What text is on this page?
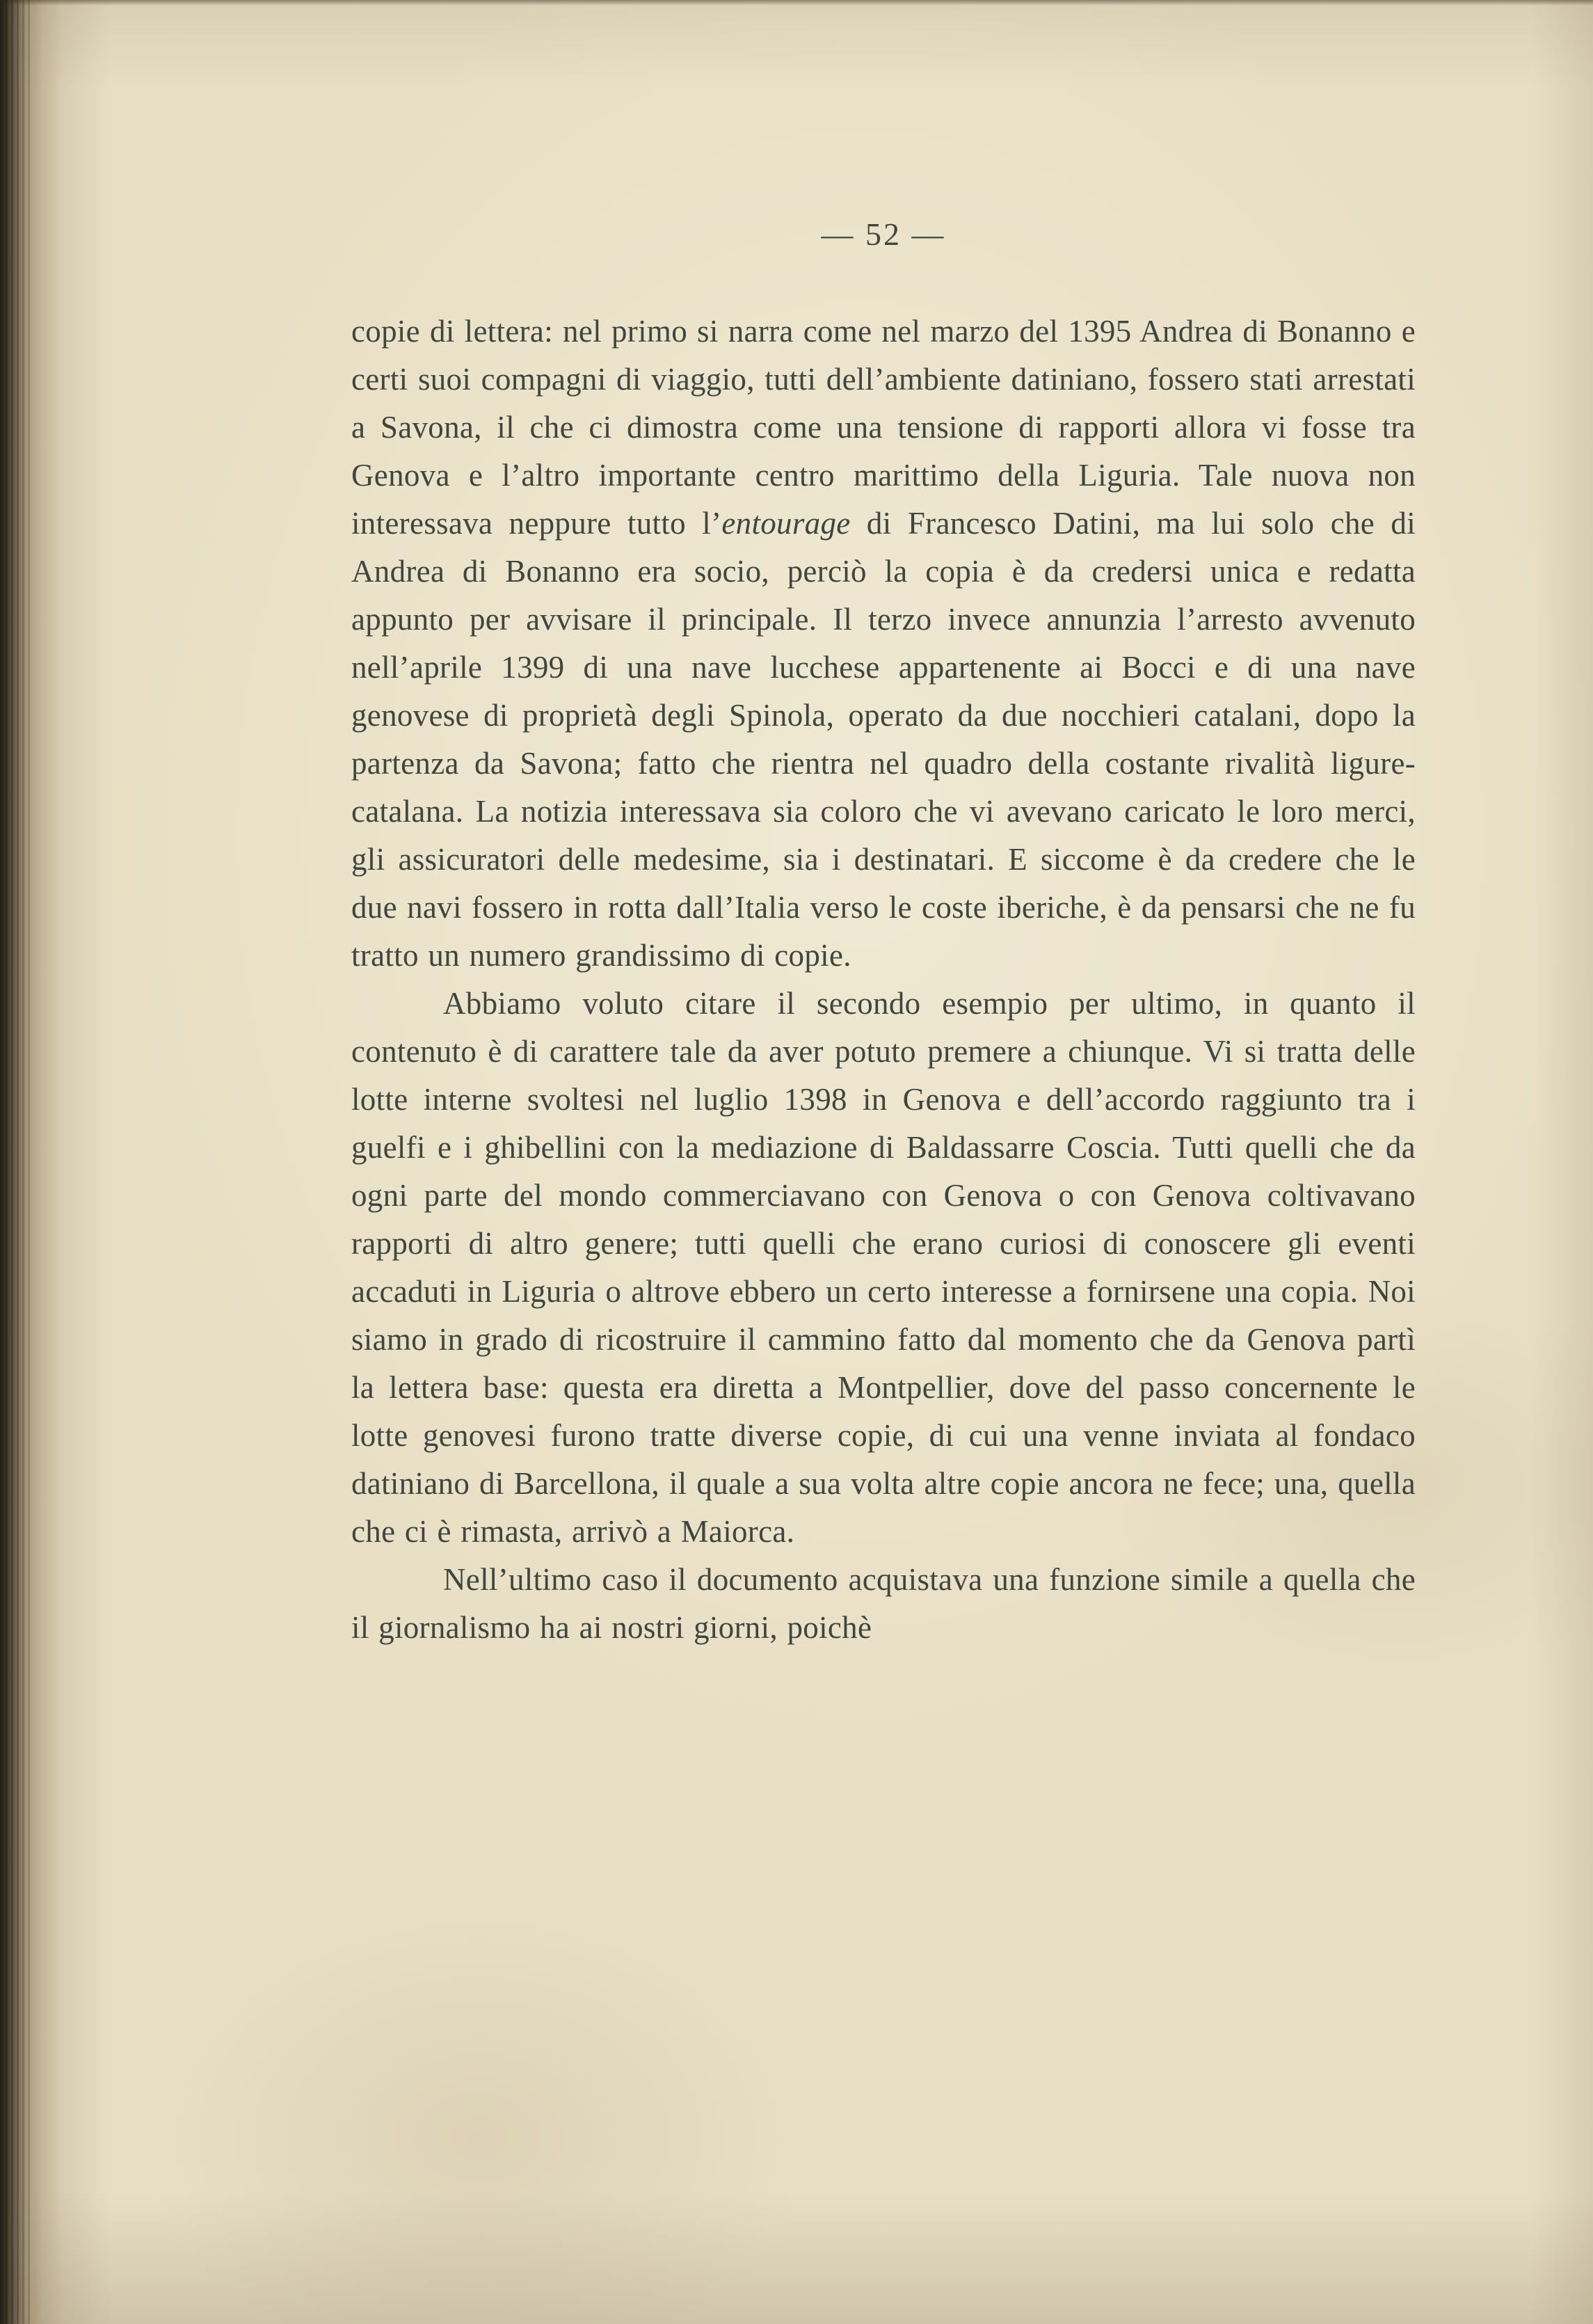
— 52 —

copie di lettera: nel primo si narra come nel marzo del 1395 Andrea di Bonanno e certi suoi compagni di viaggio, tutti dell’ambiente datiniano, fossero stati arrestati a Savona, il che ci dimostra come una tensione di rapporti allora vi fosse tra Genova e l’altro importante centro marittimo della Liguria. Tale nuova non interessava neppure tutto l’entourage di Francesco Datini, ma lui solo che di Andrea di Bonanno era socio, perciò la copia è da credersi unica e redatta appunto per avvisare il principale. Il terzo invece annunzia l’arresto avvenuto nell’aprile 1399 di una nave lucchese appartenente ai Bocci e di una nave genovese di proprietà degli Spinola, operato da due nocchieri catalani, dopo la partenza da Savona; fatto che rientra nel quadro della costante rivalità ligure-catalana. La notizia interessava sia coloro che vi avevano caricato le loro merci, gli assicuratori delle medesime, sia i destinatari. E siccome è da credere che le due navi fossero in rotta dall’Italia verso le coste iberiche, è da pensarsi che ne fu tratto un numero grandissimo di copie.

Abbiamo voluto citare il secondo esempio per ultimo, in quanto il contenuto è di carattere tale da aver potuto premere a chiunque. Vi si tratta delle lotte interne svoltesi nel luglio 1398 in Genova e dell’accordo raggiunto tra i guelfi e i ghibellini con la mediazione di Baldassarre Coscia. Tutti quelli che da ogni parte del mondo commerciavano con Genova o con Genova coltivavano rapporti di altro genere; tutti quelli che erano curiosi di conoscere gli eventi accaduti in Liguria o altrove ebbero un certo interesse a fornirsene una copia. Noi siamo in grado di ricostruire il cammino fatto dal momento che da Genova partì la lettera base: questa era diretta a Montpellier, dove del passo concernente le lotte genovesi furono tratte diverse copie, di cui una venne inviata al fondaco datiniano di Barcellona, il quale a sua volta altre copie ancora ne fece; una, quella che ci è rimasta, arrivò a Maiorca.

Nell’ultimo caso il documento acquistava una funzione simile a quella che il giornalismo ha ai nostri giorni, poichè
